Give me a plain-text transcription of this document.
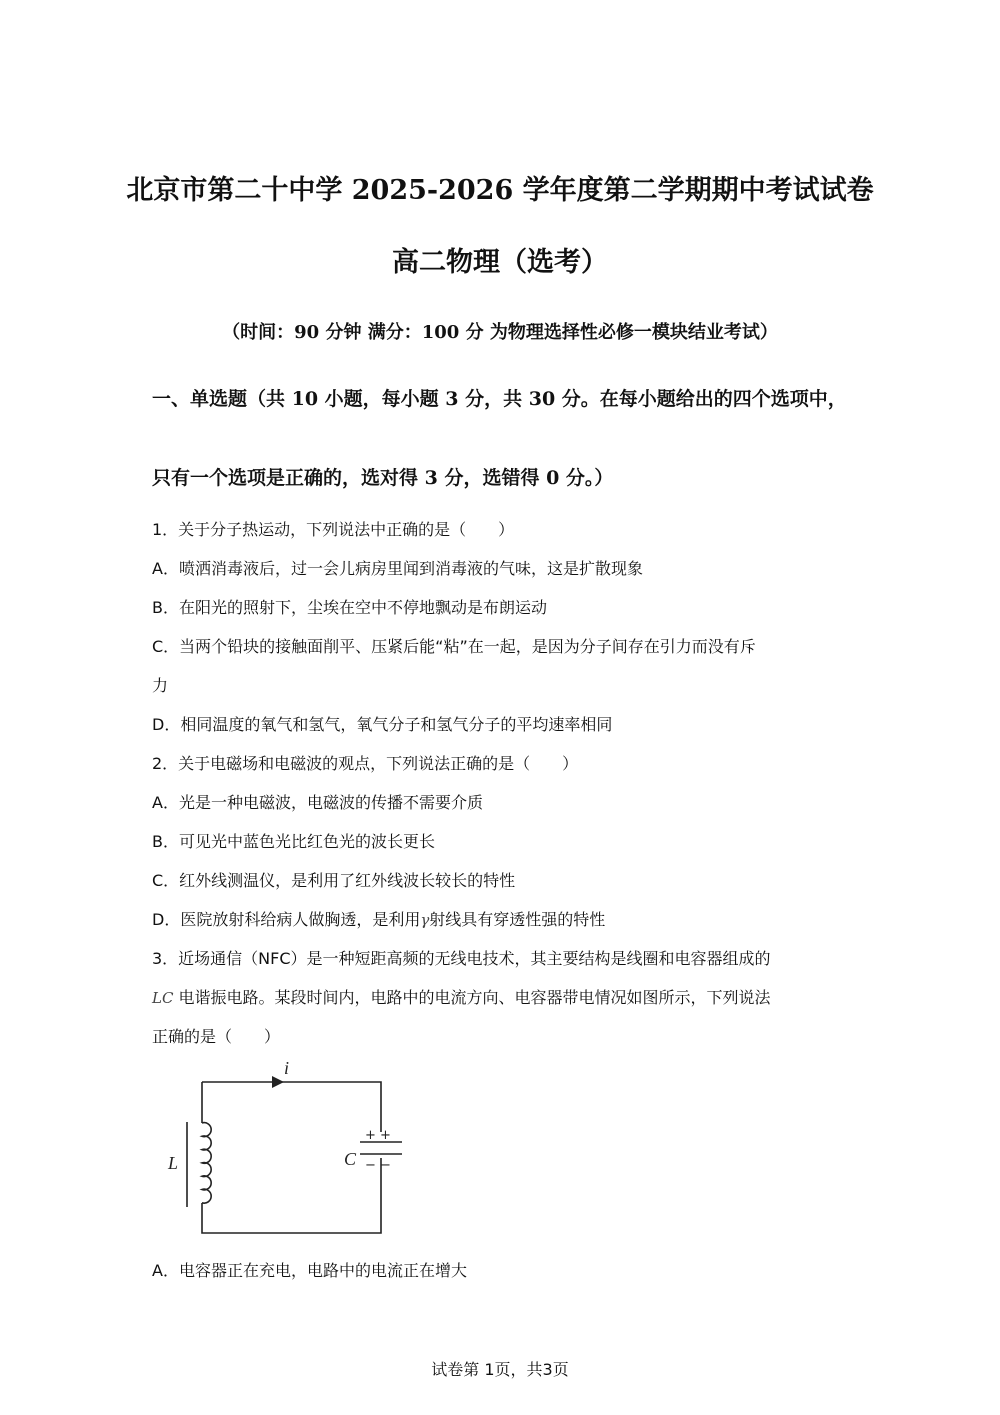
北京市第二十中学 2025-2026 学年度第二学期期中考试试卷
高二物理（选考）
（时间：90 分钟 满分：100 分 为物理选择性必修一模块结业考试）
一、单选题（共 10 小题，每小题 3 分，共 30 分。在每小题给出的四个选项中，
只有一个选项是正确的，选对得 3 分，选错得 0 分。）
1．关于分子热运动，下列说法中正确的是（　　）
A．喷洒消毒液后，过一会儿病房里闻到消毒液的气味，这是扩散现象
B．在阳光的照射下，尘埃在空中不停地飘动是布朗运动
C．当两个铅块的接触面削平、压紧后能“粘”在一起，是因为分子间存在引力而没有斥
力
D．相同温度的氧气和氢气，氧气分子和氢气分子的平均速率相同
2．关于电磁场和电磁波的观点，下列说法正确的是（　　）
A．光是一种电磁波，电磁波的传播不需要介质
B．可见光中蓝色光比红色光的波长更长
C．红外线测温仪，是利用了红外线波长较长的特性
D．医院放射科给病人做胸透，是利用γ射线具有穿透性强的特性
3．近场通信（NFC）是一种短距高频的无线电技术，其主要结构是线圈和电容器组成的
LC 电谐振电路。某段时间内，电路中的电流方向、电容器带电情况如图所示，下列说法
正确的是（　　）
i
L
+ +
− −
C
A．电容器正在充电，电路中的电流正在增大
试卷第 1页，共3页
